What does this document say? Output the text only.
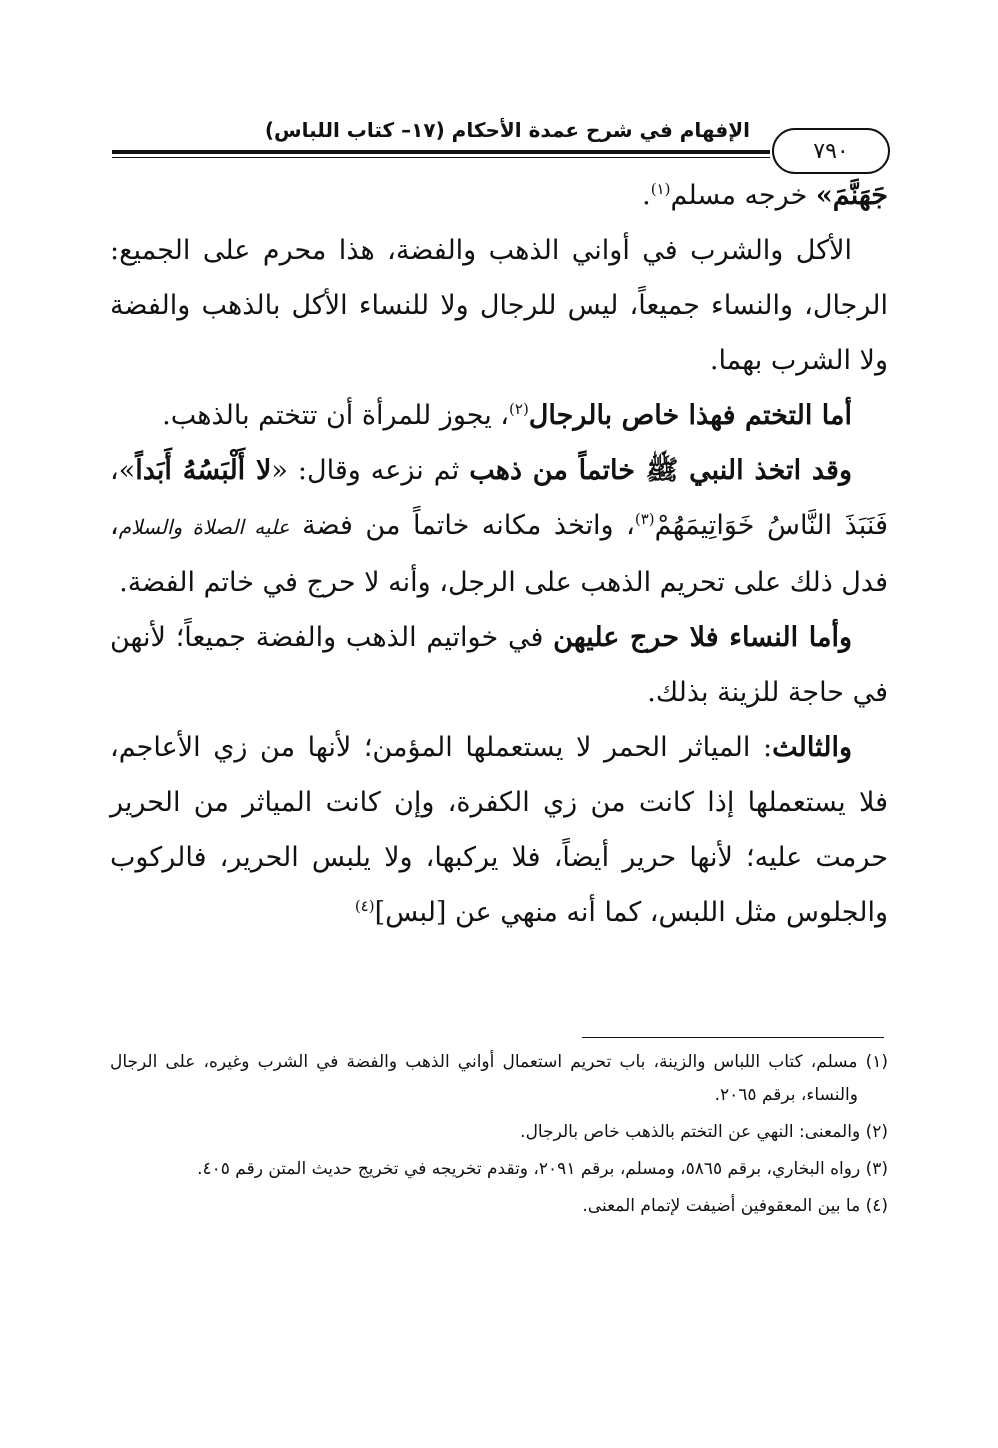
الإفهام في شرح عمدة الأحكام (١٧– كتاب اللباس)
٧٩٠

جَهَنَّمَ» خرجه مسلم$^{(١)}$.

الأكل والشرب في أواني الذهب والفضة، هذا محرم على الجميع: الرجال، والنساء جميعاً، ليس للرجال ولا للنساء الأكل بالذهب والفضة ولا الشرب بهما.

أما التختم فهذا خاص بالرجال$^{(٢)}$، يجوز للمرأة أن تتختم بالذهب.

وقد اتخذ النبي ﷺ خاتماً من ذهب ثم نزعه وقال: «لا أَلْبَسُهُ أَبَداً»، فَنَبَذَ النَّاسُ خَوَاتِيمَهُمْ$^{(٣)}$، واتخذ مكانه خاتماً من فضة عليه الصلاة والسلام، فدل ذلك على تحريم الذهب على الرجل، وأنه لا حرج في خاتم الفضة.

وأما النساء فلا حرج عليهن في خواتيم الذهب والفضة جميعاً؛ لأنهن في حاجة للزينة بذلك.

والثالث: المياثر الحمر لا يستعملها المؤمن؛ لأنها من زي الأعاجم، فلا يستعملها إذا كانت من زي الكفرة، وإن كانت المياثر من الحرير حرمت عليه؛ لأنها حرير أيضاً، فلا يركبها، ولا يلبس الحرير، فالركوب والجلوس مثل اللبس، كما أنه منهي عن [لبس]$^{(٤)}$

(١) مسلم، كتاب اللباس والزينة، باب تحريم استعمال أواني الذهب والفضة في الشرب وغيره، على الرجال والنساء، برقم ٢٠٦٥.

(٢) والمعنى: النهي عن التختم بالذهب خاص بالرجال.

(٣) رواه البخاري، برقم ٥٨٦٥، ومسلم، برقم ٢٠٩١، وتقدم تخريجه في تخريج حديث المتن رقم ٤٠٥.

(٤) ما بين المعقوفين أضيفت لإتمام المعنى.
